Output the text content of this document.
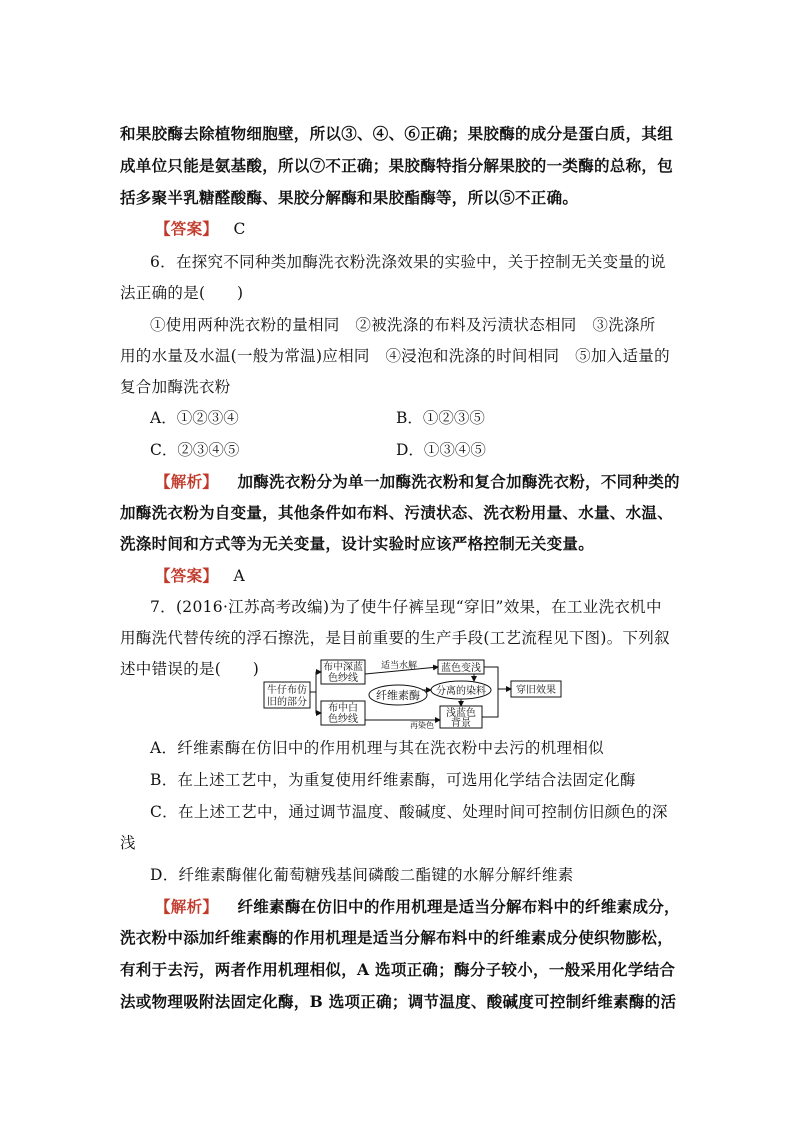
和果胶酶去除植物细胞壁，所以③、④、⑥正确；果胶酶的成分是蛋白质，其组
成单位只能是氨基酸，所以⑦不正确；果胶酶特指分解果胶的一类酶的总称，包
括多聚半乳糖醛酸酶、果胶分解酶和果胶酯酶等，所以⑤不正确。
【答案】 C
6．在探究不同种类加酶洗衣粉洗涤效果的实验中，关于控制无关变量的说
法正确的是(　　)
①使用两种洗衣粉的量相同　②被洗涤的布料及污渍状态相同　③洗涤所
用的水量及水温(一般为常温)应相同　④浸泡和洗涤的时间相同　⑤加入适量的
复合加酶洗衣粉
A．①②③④	B．①②③⑤
C．②③④⑤	D．①③④⑤
【解析】 加酶洗衣粉分为单一加酶洗衣粉和复合加酶洗衣粉，不同种类的
加酶洗衣粉为自变量，其他条件如布料、污渍状态、洗衣粉用量、水量、水温、
洗涤时间和方式等为无关变量，设计实验时应该严格控制无关变量。
【答案】 A
7．(2016·江苏高考改编)为了使牛仔裤呈现“穿旧”效果，在工业洗衣机中
用酶洗代替传统的浮石擦洗，是目前重要的生产手段(工艺流程见下图)。下列叙
述中错误的是(　　)
牛仔布仿
旧的部分
布中深蓝
色纱线
布中白
色纱线
纤维素酶
适当水解 蓝色变浅
分离的染料
再染色
浅蓝色
背景
穿旧效果
A．纤维素酶在仿旧中的作用机理与其在洗衣粉中去污的机理相似
B．在上述工艺中，为重复使用纤维素酶，可选用化学结合法固定化酶
C．在上述工艺中，通过调节温度、酸碱度、处理时间可控制仿旧颜色的深
浅
D．纤维素酶催化葡萄糖残基间磷酸二酯键的水解分解纤维素
【解析】 纤维素酶在仿旧中的作用机理是适当分解布料中的纤维素成分，
洗衣粉中添加纤维素酶的作用机理是适当分解布料中的纤维素成分使织物膨松，
有利于去污，两者作用机理相似，A 选项正确；酶分子较小，一般采用化学结合
法或物理吸附法固定化酶，B 选项正确；调节温度、酸碱度可控制纤维素酶的活
